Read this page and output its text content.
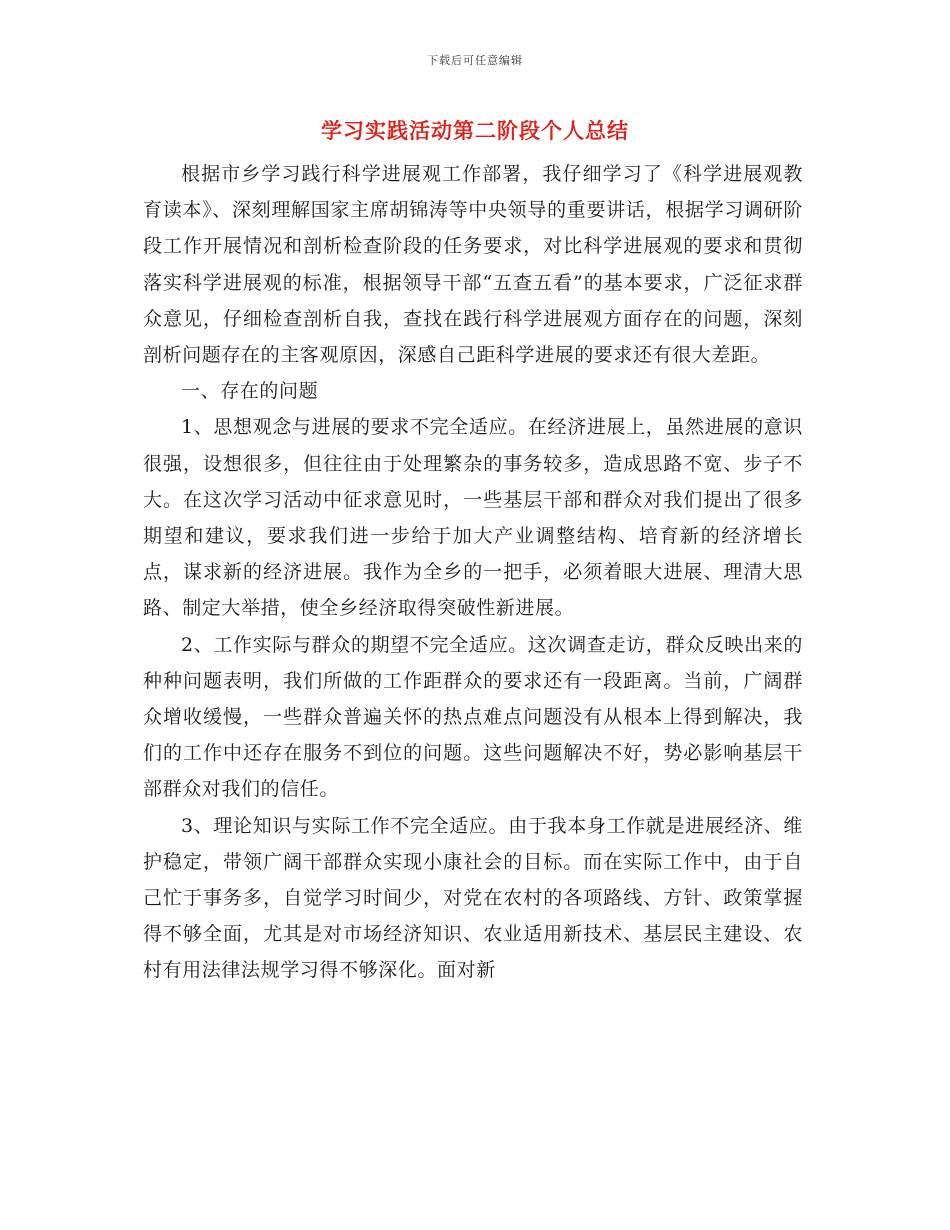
下载后可任意编辑
学习实践活动第二阶段个人总结

根据市乡学习践行科学进展观工作部署，我仔细学习了《科学进展观教育读本》、深刻理解国家主席胡锦涛等中央领导的重要讲话，根据学习调研阶段工作开展情况和剖析检查阶段的任务要求，对比科学进展观的要求和贯彻落实科学进展观的标准，根据领导干部“五查五看”的基本要求，广泛征求群众意见，仔细检查剖析自我，查找在践行科学进展观方面存在的问题，深刻剖析问题存在的主客观原因，深感自己距科学进展的要求还有很大差距。

一、存在的问题

1、思想观念与进展的要求不完全适应。在经济进展上，虽然进展的意识很强，设想很多，但往往由于处理繁杂的事务较多，造成思路不宽、步子不大。在这次学习活动中征求意见时，一些基层干部和群众对我们提出了很多期望和建议，要求我们进一步给于加大产业调整结构、培育新的经济增长点，谋求新的经济进展。我作为全乡的一把手，必须着眼大进展、理清大思路、制定大举措，使全乡经济取得突破性新进展。

2、工作实际与群众的期望不完全适应。这次调查走访，群众反映出来的种种问题表明，我们所做的工作距群众的要求还有一段距离。当前，广阔群众增收缓慢，一些群众普遍关怀的热点难点问题没有从根本上得到解决，我们的工作中还存在服务不到位的问题。这些问题解决不好，势必影响基层干部群众对我们的信任。

3、理论知识与实际工作不完全适应。由于我本身工作就是进展经济、维护稳定，带领广阔干部群众实现小康社会的目标。而在实际工作中，由于自己忙于事务多，自觉学习时间少，对党在农村的各项路线、方针、政策掌握得不够全面，尤其是对市场经济知识、农业适用新技术、基层民主建设、农村有用法律法规学习得不够深化。面对新
